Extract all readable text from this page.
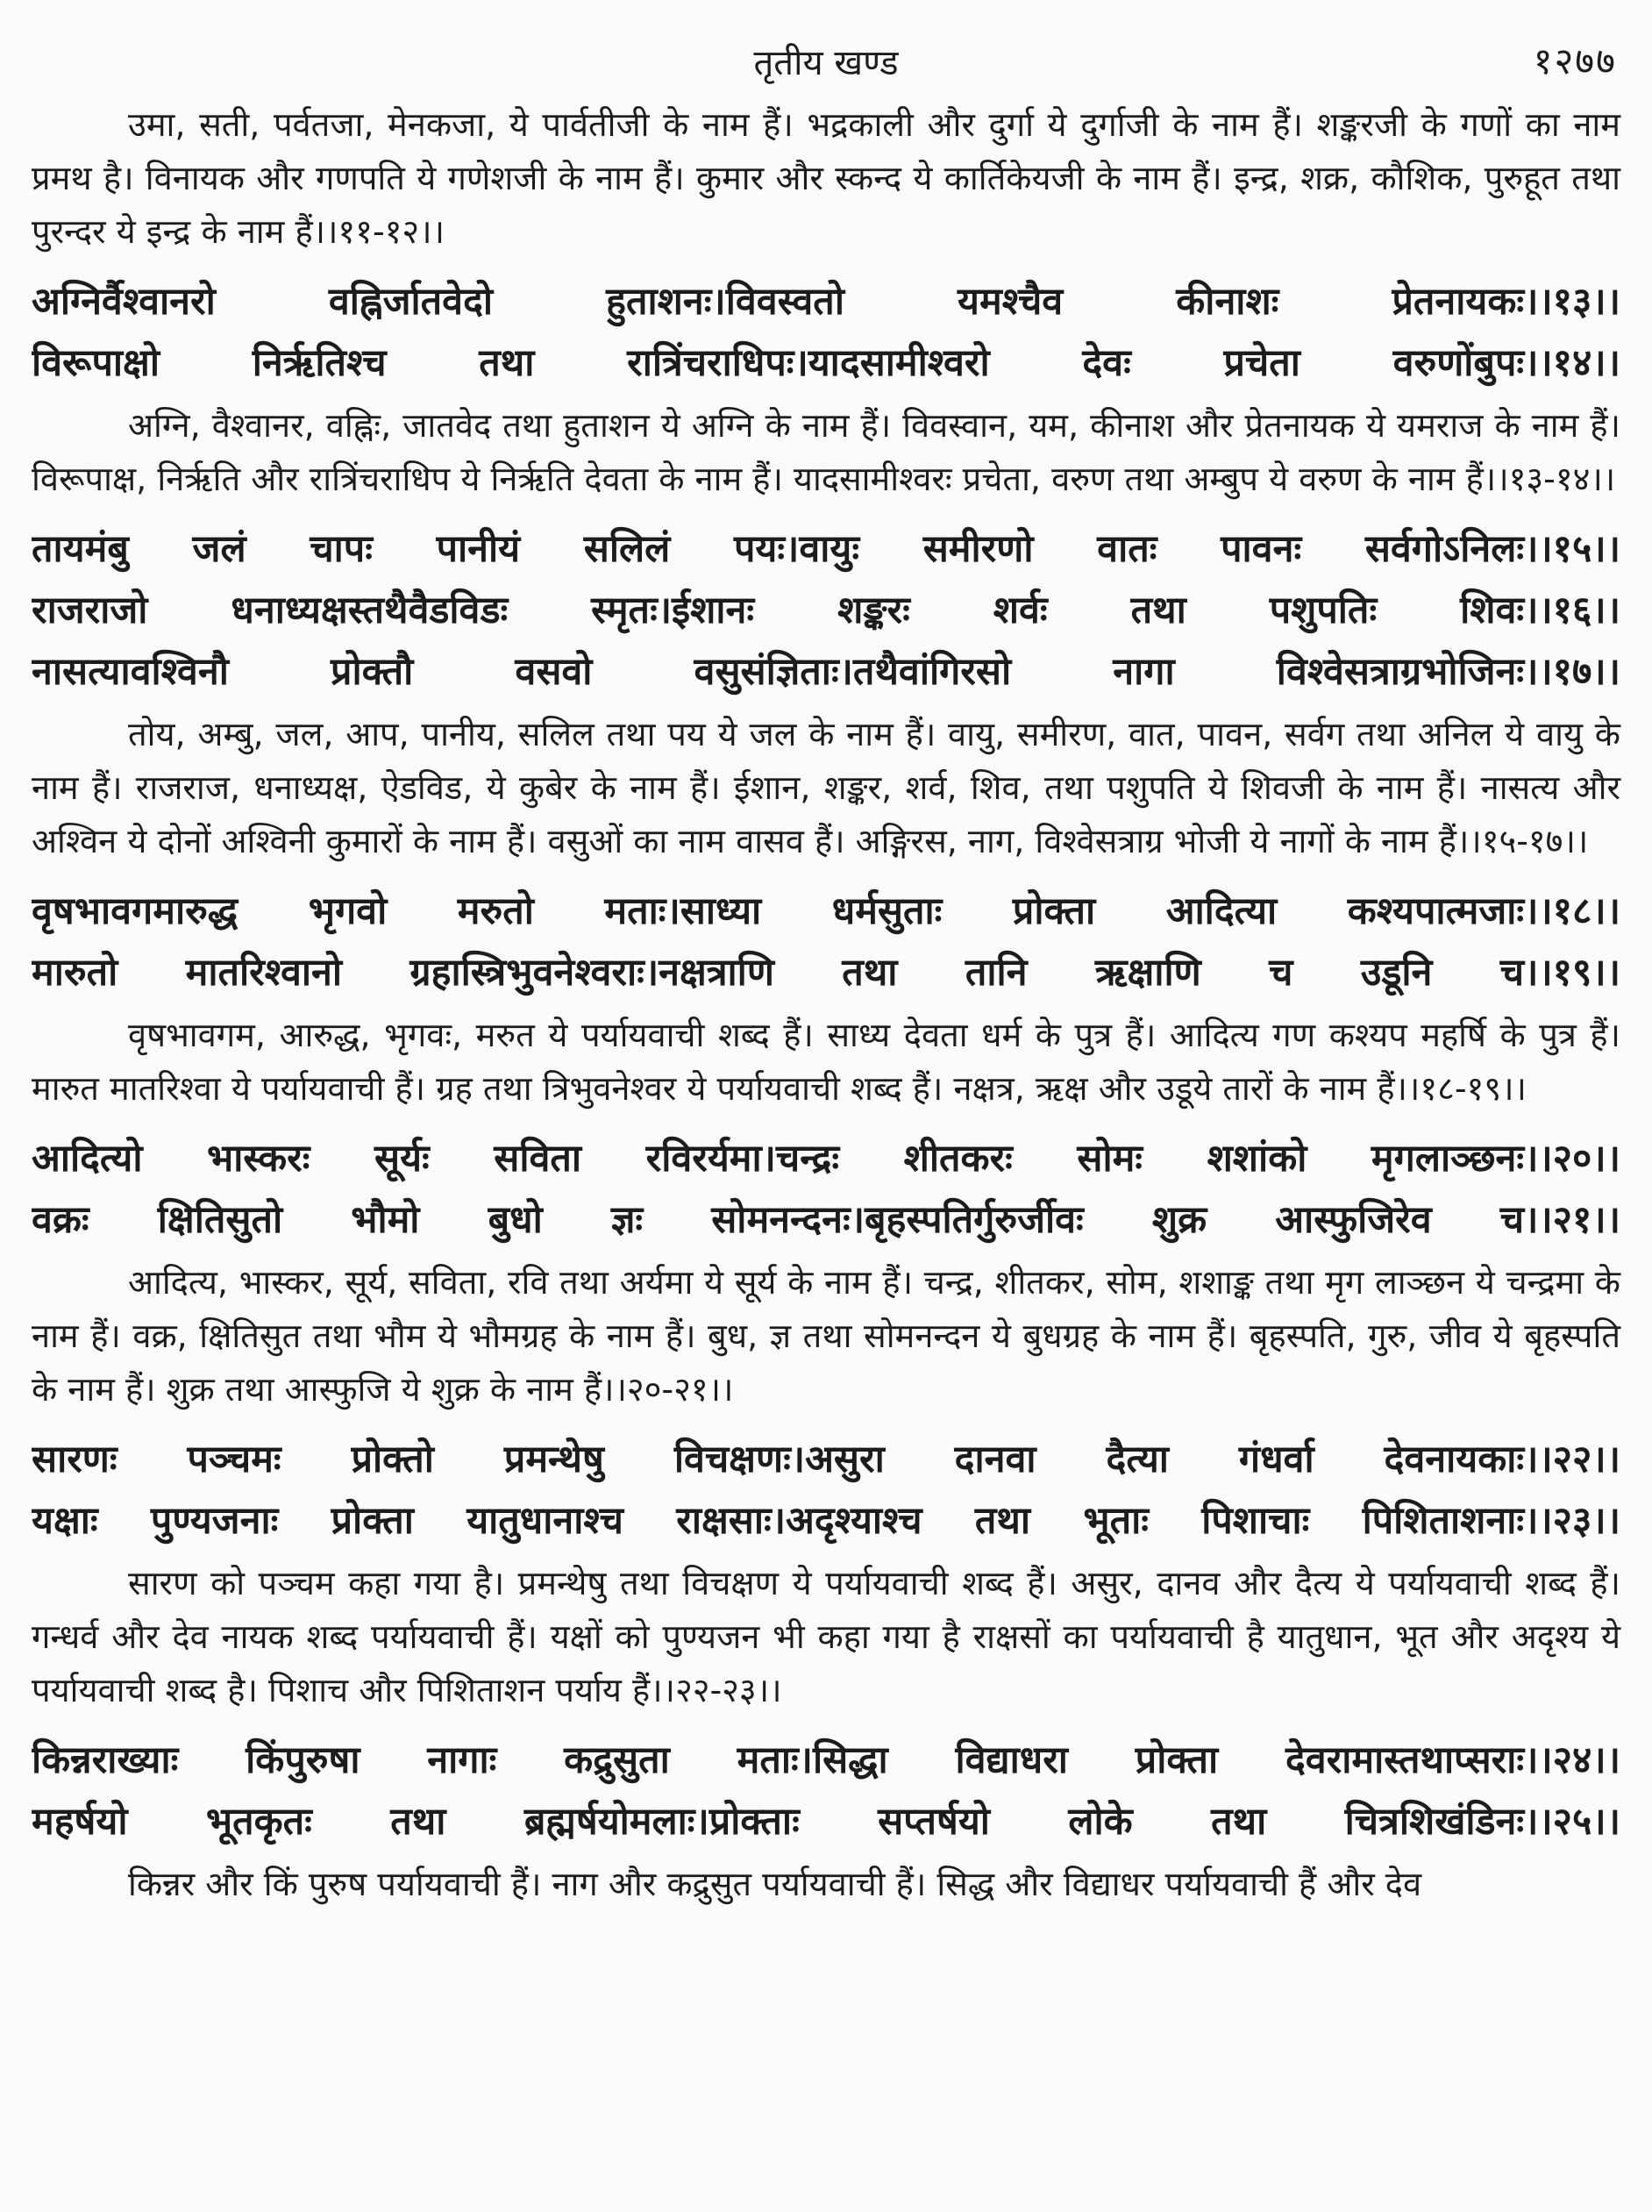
तृतीय खण्ड	१२७७

उमा, सती, पर्वतजा, मेनकजा, ये पार्वतीजी के नाम हैं। भद्रकाली और दुर्गा ये दुर्गाजी के नाम हैं। शङ्करजी के गणों का नाम प्रमथ है। विनायक और गणपति ये गणेशजी के नाम हैं। कुमार और स्कन्द ये कार्तिकेयजी के नाम हैं। इन्द्र, शक्र, कौशिक, पुरुहूत तथा पुरन्दर ये इन्द्र के नाम हैं।।११-१२।।

अग्निर्वैश्वानरो वह्निर्जातवेदो हुताशनः।विवस्वतो यमश्चैव कीनाशः प्रेतनायकः।।१३।।
विरूपाक्षो निर्ऋतिश्च तथा रात्रिंचराधिपः।यादसामीश्वरो देवः प्रचेता वरुणोंबुपः।।१४।।

अग्नि, वैश्वानर, वह्निः, जातवेद तथा हुताशन ये अग्नि के नाम हैं। विवस्वान, यम, कीनाश और प्रेतनायक ये यमराज के नाम हैं। विरूपाक्ष, निर्ऋति और रात्रिंचराधिप ये निर्ऋति देवता के नाम हैं। यादसामीश्वरः प्रचेता, वरुण तथा अम्बुप ये वरुण के नाम हैं।।१३-१४।।

तायमंबु जलं चापः पानीयं सलिलं पयः।वायुः समीरणो वातः पावनः सर्वगोऽनिलः।।१५।।
राजराजो धनाध्यक्षस्तथैवैडविडः स्मृतः।ईशानः शङ्करः शर्वः तथा पशुपतिः शिवः।।१६।।
नासत्यावश्विनौ प्रोक्तौ वसवो वसुसंज्ञिताः।तथैवांगिरसो नागा विश्वेसत्राग्रभोजिनः।।१७।।

तोय, अम्बु, जल, आप, पानीय, सलिल तथा पय ये जल के नाम हैं। वायु, समीरण, वात, पावन, सर्वग तथा अनिल ये वायु के नाम हैं। राजराज, धनाध्यक्ष, ऐडविड, ये कुबेर के नाम हैं। ईशान, शङ्कर, शर्व, शिव, तथा पशुपति ये शिवजी के नाम हैं। नासत्य और अश्विन ये दोनों अश्विनी कुमारों के नाम हैं। वसुओं का नाम वासव हैं। अङ्गिरस, नाग, विश्वेसत्राग्र भोजी ये नागों के नाम हैं।।१५-१७।।

वृषभावगमारुद्ध भृगवो मरुतो मताः।साध्या धर्मसुताः प्रोक्ता आदित्या कश्यपात्मजाः।।१८।।
मारुतो मातरिश्वानो ग्रहास्त्रिभुवनेश्वराः।नक्षत्राणि तथा तानि ऋक्षाणि च उडूनि च।।१९।।

वृषभावगम, आरुद्ध, भृगवः, मरुत ये पर्यायवाची शब्द हैं। साध्य देवता धर्म के पुत्र हैं। आदित्य गण कश्यप महर्षि के पुत्र हैं। मारुत मातरिश्वा ये पर्यायवाची हैं। ग्रह तथा त्रिभुवनेश्वर ये पर्यायवाची शब्द हैं। नक्षत्र, ऋक्ष और उडूये तारों के नाम हैं।।१८-१९।।

आदित्यो भास्करः सूर्यः सविता रविरर्यमा।चन्द्रः शीतकरः सोमः शशांको मृगलाञ्छनः।।२०।।
वक्रः क्षितिसुतो भौमो बुधो ज्ञः सोमनन्दनः।बृहस्पतिर्गुरुर्जीवः शुक्र आस्फुजिरेव च।।२१।।

आदित्य, भास्कर, सूर्य, सविता, रवि तथा अर्यमा ये सूर्य के नाम हैं। चन्द्र, शीतकर, सोम, शशाङ्क तथा मृग लाञ्छन ये चन्द्रमा के नाम हैं। वक्र, क्षितिसुत तथा भौम ये भौमग्रह के नाम हैं। बुध, ज्ञ तथा सोमनन्दन ये बुधग्रह के नाम हैं। बृहस्पति, गुरु, जीव ये बृहस्पति के नाम हैं। शुक्र तथा आस्फुजि ये शुक्र के नाम हैं।।२०-२१।।

सारणः पञ्चमः प्रोक्तो प्रमन्थेषु विचक्षणः।असुरा दानवा दैत्या गंधर्वा देवनायकाः।।२२।।
यक्षाः पुण्यजनाः प्रोक्ता यातुधानाश्च राक्षसाः।अदृश्याश्च तथा भूताः पिशाचाः पिशिताशनाः।।२३।।

सारण को पञ्चम कहा गया है। प्रमन्थेषु तथा विचक्षण ये पर्यायवाची शब्द हैं। असुर, दानव और दैत्य ये पर्यायवाची शब्द हैं। गन्धर्व और देव नायक शब्द पर्यायवाची हैं। यक्षों को पुण्यजन भी कहा गया है राक्षसों का पर्यायवाची है यातुधान, भूत और अदृश्य ये पर्यायवाची शब्द है। पिशाच और पिशिताशन पर्याय हैं।।२२-२३।।

किन्नराख्याः किंपुरुषा नागाः कद्रुसुता मताः।सिद्धा विद्याधरा प्रोक्ता देवरामास्तथाप्सराः।।२४।।
महर्षयो भूतकृतः तथा ब्रह्मर्षयोमलाः।प्रोक्ताः सप्तर्षयो लोके तथा चित्रशिखंडिनः।।२५।।

किन्नर और किं पुरुष पर्यायवाची हैं। नाग और कद्रुसुत पर्यायवाची हैं। सिद्ध और विद्याधर पर्यायवाची हैं और देव
